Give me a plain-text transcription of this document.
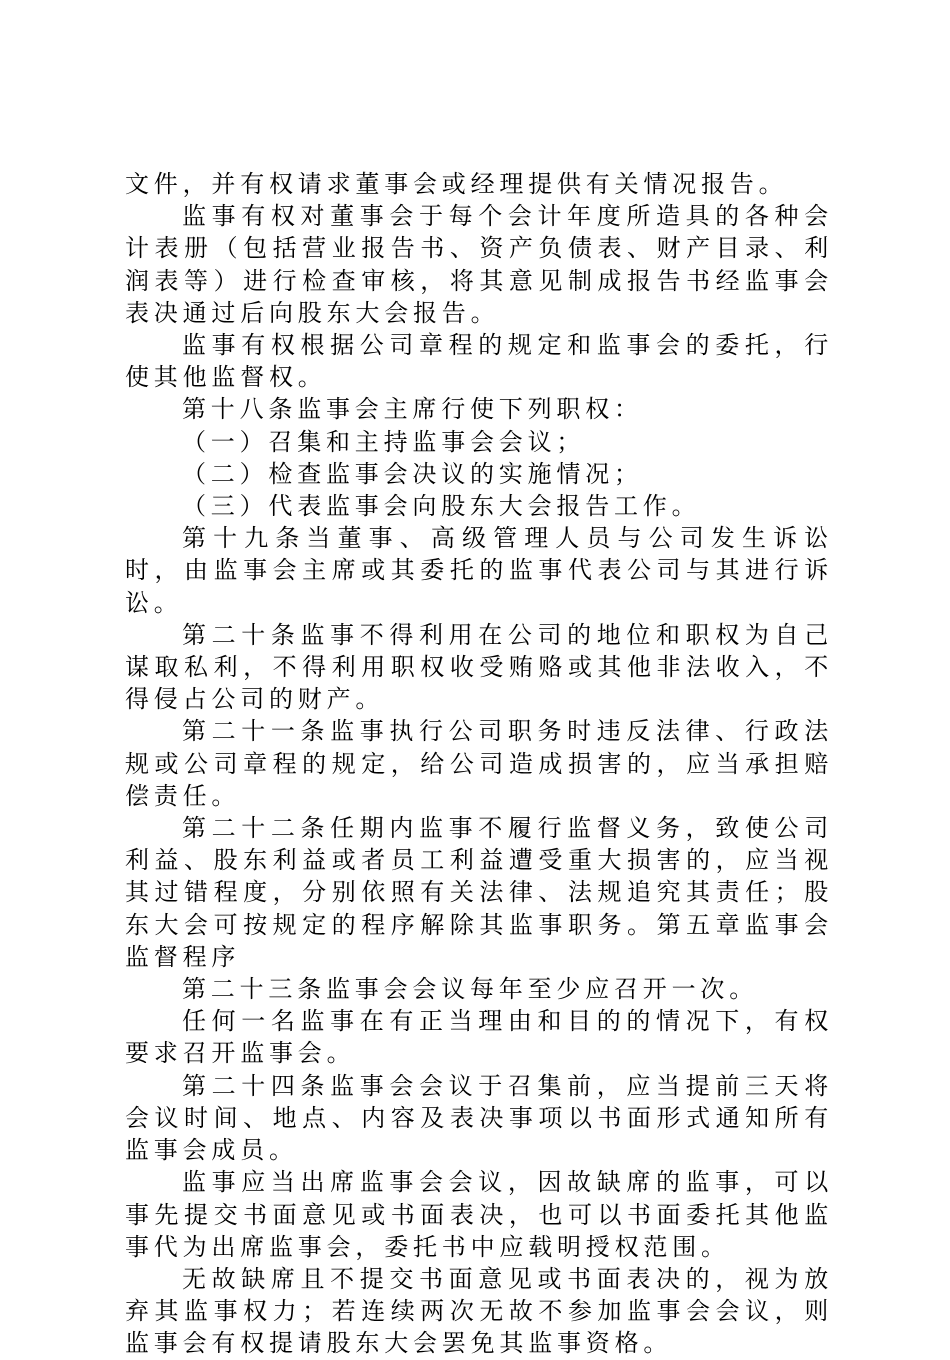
文件，并有权请求董事会或经理提供有关情况报告。

监事有权对董事会于每个会计年度所造具的各种会计表册（包括营业报告书、资产负债表、财产目录、利润表等）进行检查审核，将其意见制成报告书经监事会表决通过后向股东大会报告。

监事有权根据公司章程的规定和监事会的委托，行使其他监督权。

第十八条监事会主席行使下列职权：

（一）召集和主持监事会会议；

（二）检查监事会决议的实施情况；

（三）代表监事会向股东大会报告工作。

第十九条当董事、高级管理人员与公司发生诉讼时，由监事会主席或其委托的监事代表公司与其进行诉讼。

第二十条监事不得利用在公司的地位和职权为自己谋取私利，不得利用职权收受贿赂或其他非法收入，不得侵占公司的财产。

第二十一条监事执行公司职务时违反法律、行政法规或公司章程的规定，给公司造成损害的，应当承担赔偿责任。

第二十二条任期内监事不履行监督义务，致使公司利益、股东利益或者员工利益遭受重大损害的，应当视其过错程度，分别依照有关法律、法规追究其责任；股东大会可按规定的程序解除其监事职务。第五章监事会监督程序

第二十三条监事会会议每年至少应召开一次。

任何一名监事在有正当理由和目的的情况下，有权要求召开监事会。

第二十四条监事会会议于召集前，应当提前三天将会议时间、地点、内容及表决事项以书面形式通知所有监事会成员。

监事应当出席监事会会议，因故缺席的监事，可以事先提交书面意见或书面表决，也可以书面委托其他监事代为出席监事会，委托书中应载明授权范围。

无故缺席且不提交书面意见或书面表决的，视为放弃其监事权力；若连续两次无故不参加监事会会议，则监事会有权提请股东大会罢免其监事资格。
